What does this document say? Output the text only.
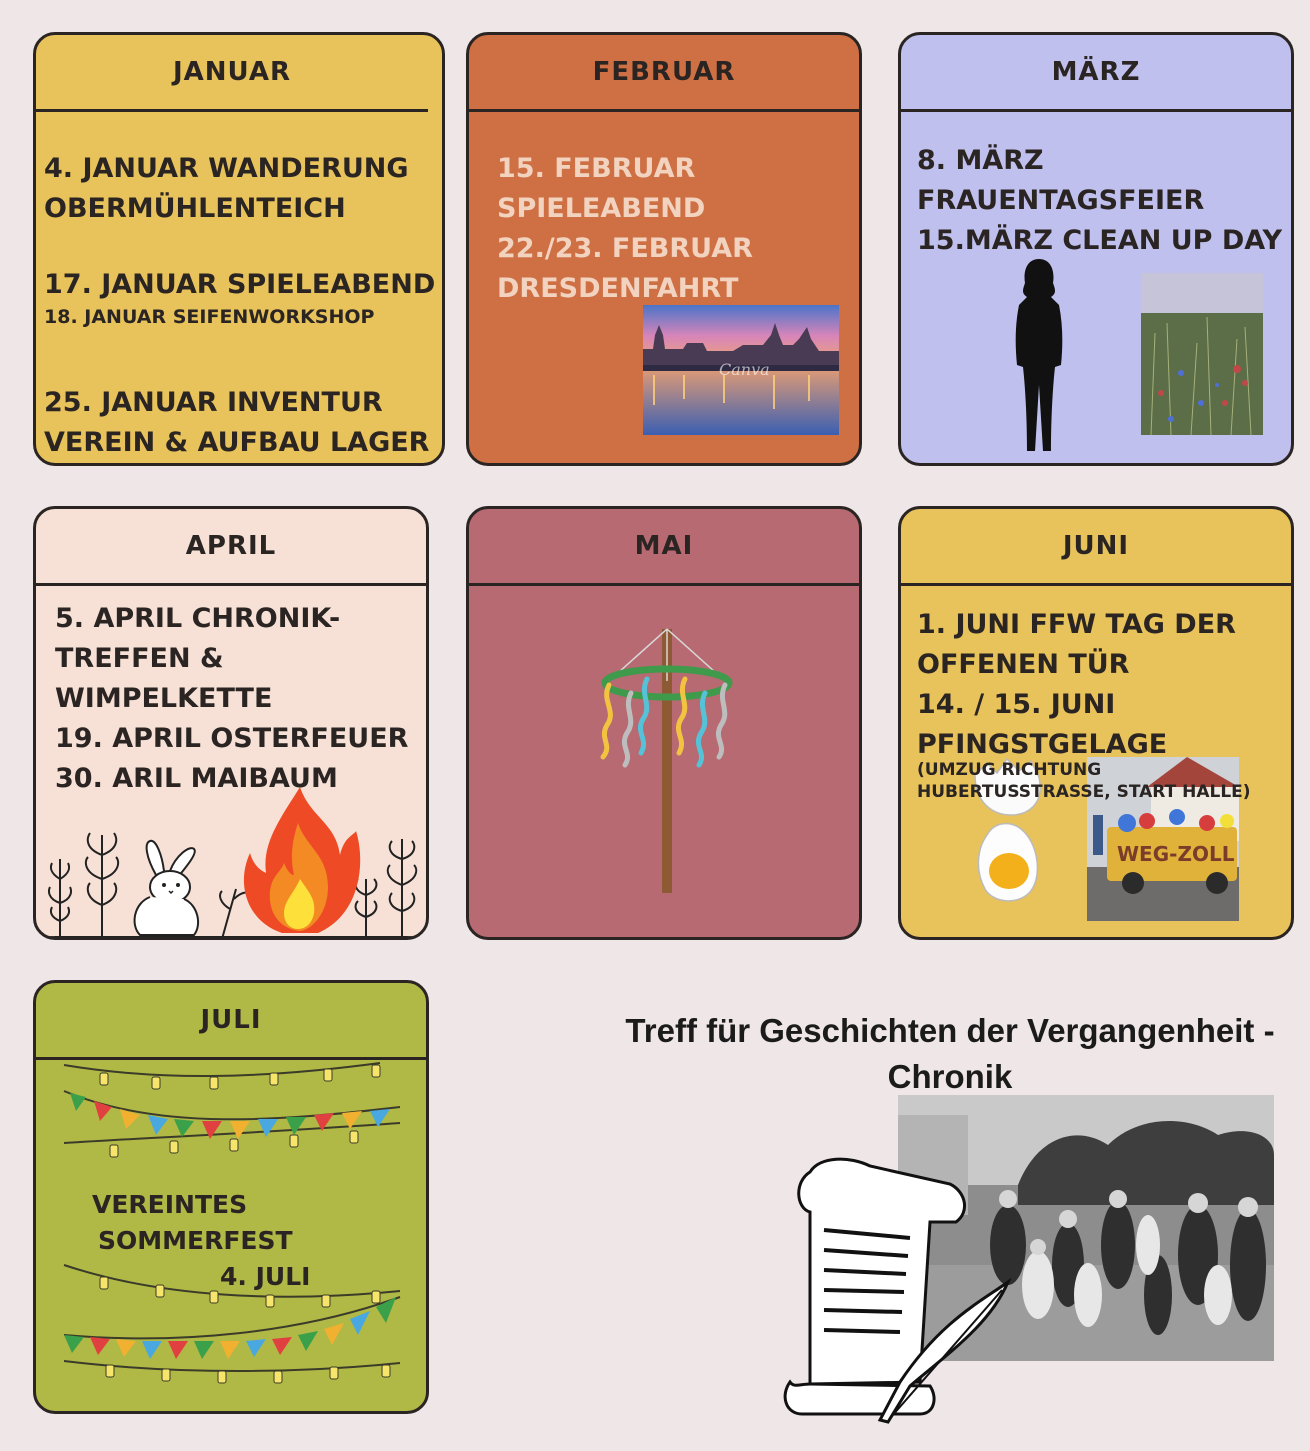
JANUAR
4. JANUAR WANDERUNG
OBERMÜHLENTEICH
17. JANUAR SPIELEABEND
18. JANUAR SEIFENWORKSHOP
25. JANUAR INVENTUR
VEREIN & AUFBAU LAGER
FEBRUAR
15. FEBRUAR
SPIELEABEND
22./23. FEBRUAR
DRESDENFAHRT
Canva
MÄRZ
8. MÄRZ
FRAUENTAGSFEIER
15.MÄRZ CLEAN UP DAY
APRIL
5. APRIL CHRONIK-
TREFFEN &
WIMPELKETTE
19. APRIL OSTERFEUER
30. ARIL MAIBAUM
MAI	JUNI
WEG-ZOLL
1. JUNI FFW TAG DER
OFFENEN TÜR
14. / 15. JUNI
PFINGSTGELAGE
(UMZUG RICHTUNG
HUBERTUSSTRASSE, START HALLE)
JULI
VEREINTES
SOMMERFEST
4. JULI
Treff für Geschichten der Vergangenheit -
Chronik
